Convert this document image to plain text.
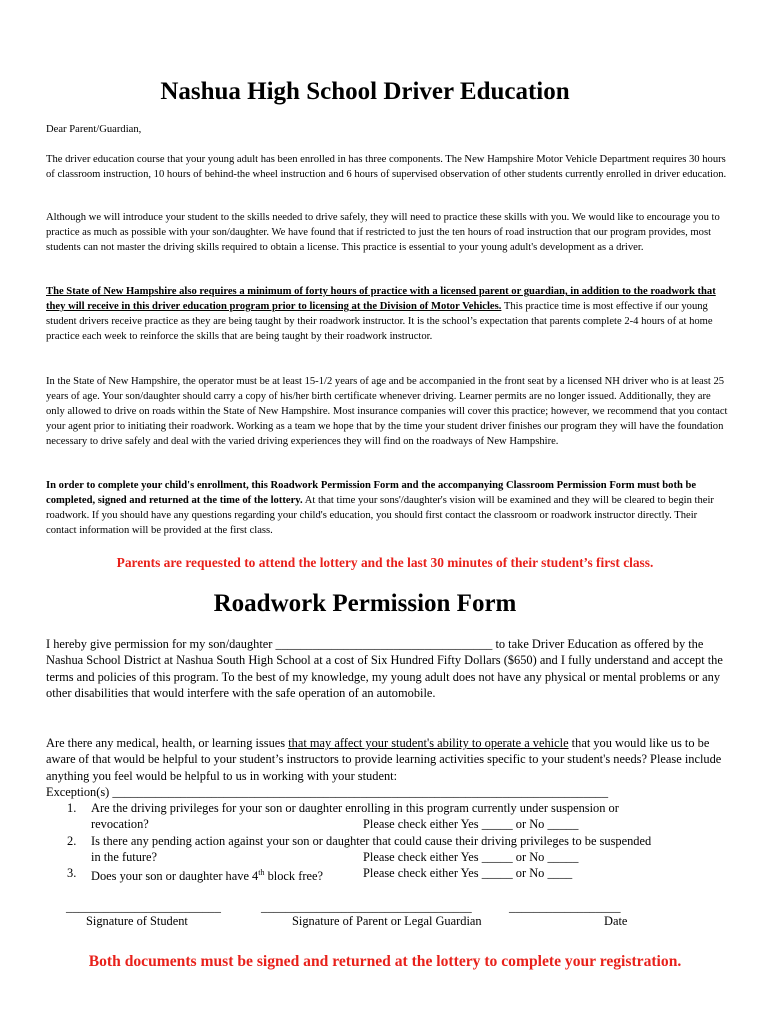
Nashua High School Driver Education

Dear Parent/Guardian,

The driver education course that your young adult has been enrolled in has three components. The New Hampshire Motor Vehicle Department requires 30 hours of classroom instruction, 10 hours of behind-the wheel instruction and 6 hours of supervised observation of other students currently enrolled in driver education.

Although we will introduce your student to the skills needed to drive safely, they will need to practice these skills with you. We would like to encourage you to practice as much as possible with your son/daughter. We have found that if restricted to just the ten hours of road instruction that our program provides, most students can not master the driving skills required to obtain a license. This practice is essential to your young adult's development as a driver.

The State of New Hampshire also requires a minimum of forty hours of practice with a licensed parent or guardian, in addition to the roadwork that they will receive in this driver education program prior to licensing at the Division of Motor Vehicles. This practice time is most effective if our young student drivers receive practice as they are being taught by their roadwork instructor. It is the school’s expectation that parents complete 2-4 hours of at home practice each week to reinforce the skills that are being taught by their roadwork instructor.

In the State of New Hampshire, the operator must be at least 15-1/2 years of age and be accompanied in the front seat by a licensed NH driver who is at least 25 years of age. Your son/daughter should carry a copy of his/her birth certificate whenever driving. Learner permits are no longer issued. Additionally, they are only allowed to drive on roads within the State of New Hampshire. Most insurance companies will cover this practice; however, we recommend that you contact your agent prior to initiating their roadwork. Working as a team we hope that by the time your student driver finishes our program they will have the foundation necessary to drive safely and deal with the varied driving experiences they will find on the roadways of New Hampshire.

In order to complete your child's enrollment, this Roadwork Permission Form and the accompanying Classroom Permission Form must both be completed, signed and returned at the time of the lottery. At that time your sons'/daughter's vision will be examined and they will be cleared to begin their roadwork. If you should have any questions regarding your child's education, you should first contact the classroom or roadwork instructor directly. Their contact information will be provided at the first class.

Parents are requested to attend the lottery and the last 30 minutes of their student’s first class.

Roadwork Permission Form

I hereby give permission for my son/daughter ___________________________________ to take Driver Education as offered by the Nashua School District at Nashua South High School at a cost of Six Hundred Fifty Dollars ($650) and I fully understand and accept the terms and policies of this program. To the best of my knowledge, my young adult does not have any physical or mental problems or any other disabilities that would interfere with the safe operation of an automobile.

Are there any medical, health, or learning issues that may affect your student's ability to operate a vehicle that you would like us to be aware of that would be helpful to your student’s instructors to provide learning activities specific to your student's needs? Please include anything you feel would be helpful to us in working with your student:

Exception(s) ________________________________________________________________________________
1. Are the driving privileges for your son or daughter enrolling in this program currently under suspension or
revocation?	Please check either Yes _____ or No _____
2. Is there any pending action against your son or daughter that could cause their driving privileges to be suspended
in the future?	Please check either Yes _____ or No _____
3. Does your son or daughter have 4th block free?	Please check either Yes _____ or No ____
_________________________
Signature of Student
__________________________________
Signature of Parent or Legal Guardian
__________________
Date

Both documents must be signed and returned at the lottery to complete your registration.
